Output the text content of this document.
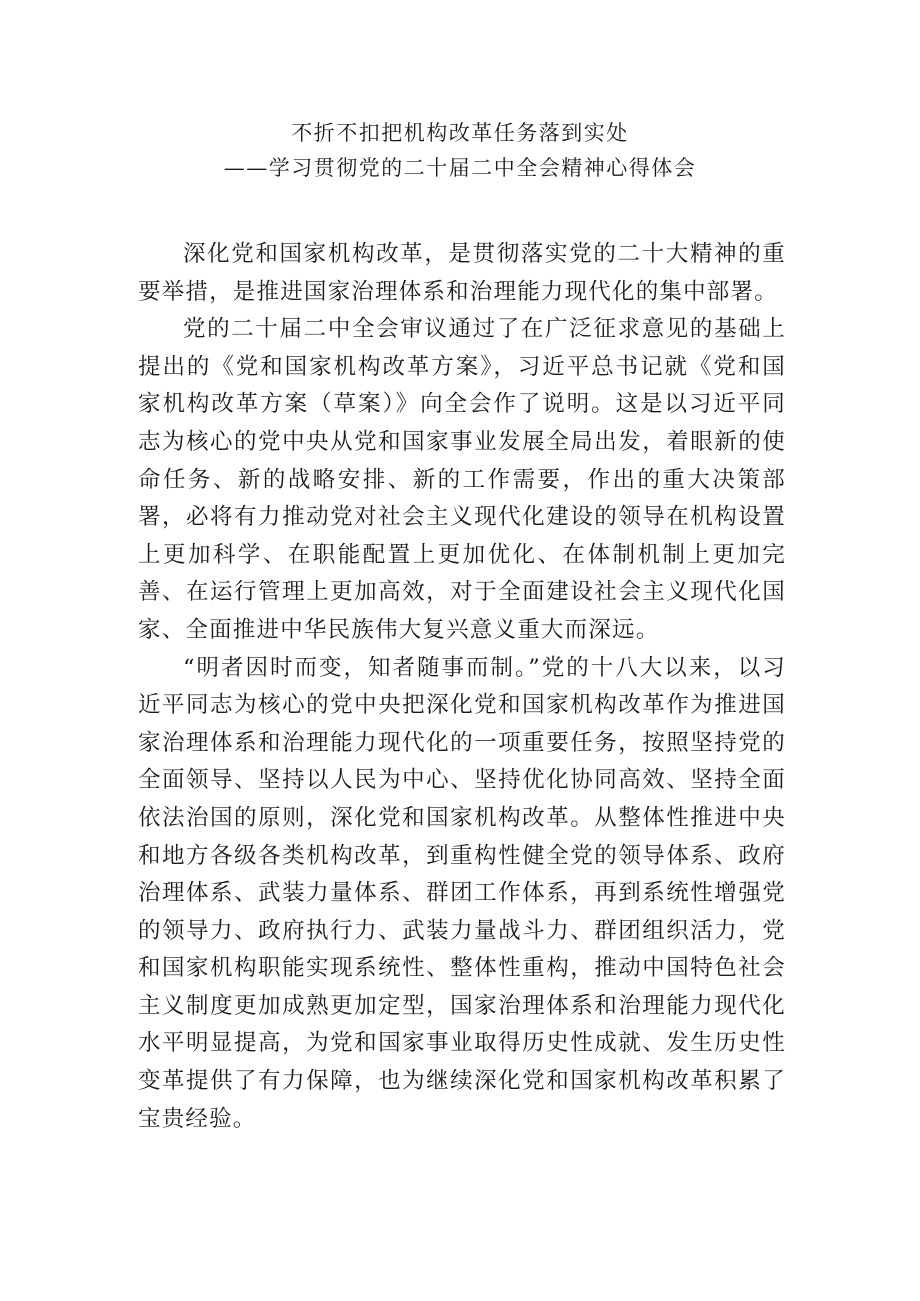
不折不扣把机构改革任务落到实处
——学习贯彻党的二十届二中全会精神心得体会

深化党和国家机构改革，是贯彻落实党的二十大精神的重要举措，是推进国家治理体系和治理能力现代化的集中部署。

党的二十届二中全会审议通过了在广泛征求意见的基础上提出的《党和国家机构改革方案》，习近平总书记就《党和国家机构改革方案（草案）》向全会作了说明。这是以习近平同志为核心的党中央从党和国家事业发展全局出发，着眼新的使命任务、新的战略安排、新的工作需要，作出的重大决策部署，必将有力推动党对社会主义现代化建设的领导在机构设置上更加科学、在职能配置上更加优化、在体制机制上更加完善、在运行管理上更加高效，对于全面建设社会主义现代化国家、全面推进中华民族伟大复兴意义重大而深远。

“明者因时而变，知者随事而制。”党的十八大以来，以习近平同志为核心的党中央把深化党和国家机构改革作为推进国家治理体系和治理能力现代化的一项重要任务，按照坚持党的全面领导、坚持以人民为中心、坚持优化协同高效、坚持全面依法治国的原则，深化党和国家机构改革。从整体性推进中央和地方各级各类机构改革，到重构性健全党的领导体系、政府治理体系、武装力量体系、群团工作体系，再到系统性增强党的领导力、政府执行力、武装力量战斗力、群团组织活力，党和国家机构职能实现系统性、整体性重构，推动中国特色社会主义制度更加成熟更加定型，国家治理体系和治理能力现代化水平明显提高，为党和国家事业取得历史性成就、发生历史性变革提供了有力保障，也为继续深化党和国家机构改革积累了宝贵经验。
